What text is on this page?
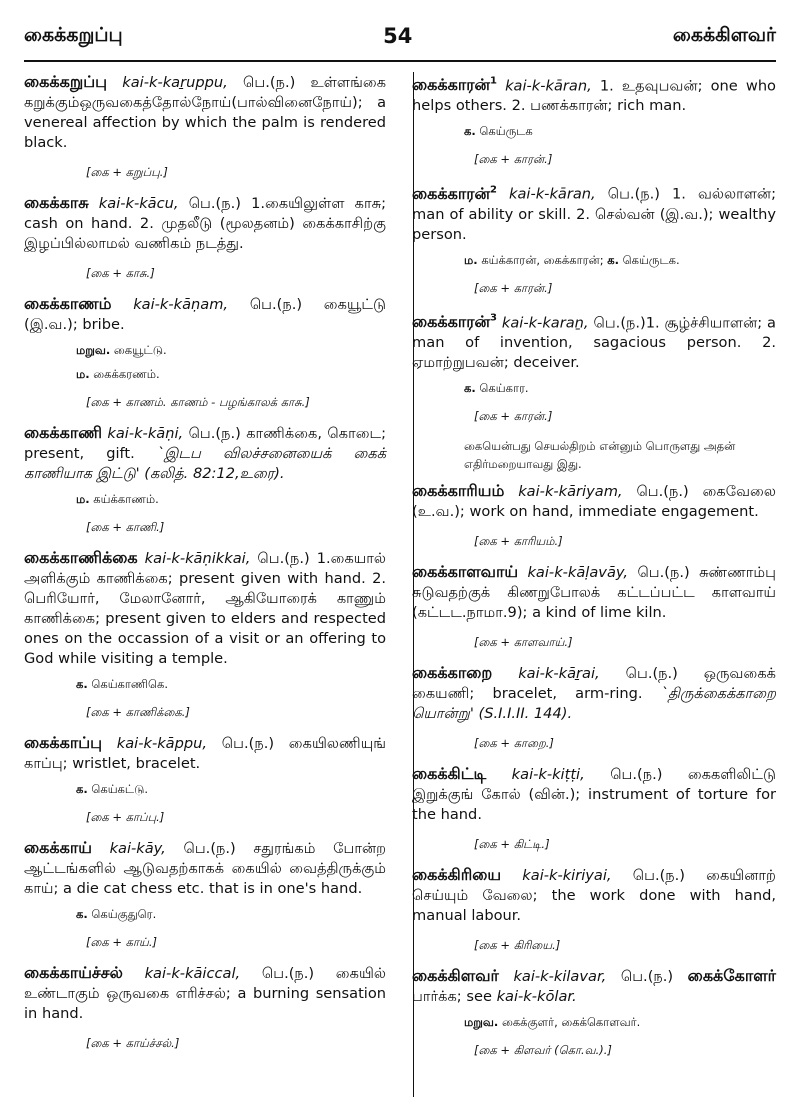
கைக்கறுப்பு	54	கைக்கிளவர்
கைக்கறுப்பு kai-k-kaṟuppu, பெ.(ந.) உள்ளங்கை கறுக்கும்ஒருவகைத்தோல்நோய்(பால்வினைநோய்); a venereal affection by which the palm is rendered black.
[கை + கறுப்பு.]
கைக்காசு kai-k-kācu, பெ.(ந.) 1.கையிலுள்ள காசு; cash on hand. 2. முதலீடு (மூலதனம்) கைக்காசிற்கு இழப்பில்லாமல் வணிகம் நடத்து.
[கை + காசு.]
கைக்காணம் kai-k-kāṇam, பெ.(ந.) கையூட்டு (இ.வ.); bribe.
மறுவ. கையூட்டு.
ம. கைக்கரணம்.
[கை + காணம். காணம் - பழங்காலக் காசு.]
கைக்காணி kai-k-kāṇi, பெ.(ந.) காணிக்கை, கொடை; present, gift. `இடப விலச்சனையைக் கைக் காணியாக இட்டு' (கலித். 82:12,உரை).
ம. கய்க்காணம்.
[கை + காணி.]
கைக்காணிக்கை kai-k-kāṇikkai, பெ.(ந.) 1.கையால் அளிக்கும் காணிக்கை; present given with hand. 2. பெரியோர், மேலானோர், ஆகியோரைக் காணும் காணிக்கை; present given to elders and respected ones on the occassion of a visit or an offering to God while visiting a temple.
க. கெய்காணிகெ.
[கை + காணிக்கை.]
கைக்காப்பு kai-k-kāppu, பெ.(ந.) கையிலணியுங் காப்பு; wristlet, bracelet.
க. கெய்கட்டு.
[கை + காப்பு.]
கைக்காய் kai-kāy, பெ.(ந.) சதுரங்கம் போன்ற ஆட்டங்களில் ஆடுவதற்காகக் கையில் வைத்திருக்கும் காய்; a die cat chess etc. that is in one's hand.
க. கெய்குதுரெ.
[கை + காய்.]
கைக்காய்ச்சல் kai-k-kāiccal, பெ.(ந.) கையில் உண்டாகும் ஒருவகை எரிச்சல்; a burning sensation in hand.
[கை + காய்ச்சல்.]
கைக்காரன்$^1$ kai-k-kāran, 1. உதவுபவன்; one who helps others. 2. பணக்காரன்; rich man.
க. கெய்ருடக
[கை + காரன்.]
கைக்காரன்$^2$ kai-k-kāran, பெ.(ந.) 1. வல்லாளன்; man of ability or skill. 2. செல்வன் (இ.வ.); wealthy person.
ம. கய்க்காரன், கைக்காரன்; க. கெய்ருடக.
[கை + காரன்.]
கைக்காரன்$^3$ kai-k-karaṉ, பெ.(ந.)1. சூழ்ச்சியாளன்; a man of invention, sagacious person. 2. ஏமாற்றுபவன்; deceiver.
க. கெய்கார.
[கை + காரன்.]
கையென்பது செயல்திறம் என்னும் பொருளது அதன் எதிர்மறையாவது இது.
கைக்காரியம் kai-k-kāriyam, பெ.(ந.) கைவேலை (உ.வ.); work on hand, immediate engagement.
[கை + காரியம்.]
கைக்காளவாய் kai-k-kāḷavāy, பெ.(ந.) சுண்ணாம்பு சுடுவதற்குக் கிணறுபோலக் கட்டப்பட்ட காளவாய் (கட்டட.நாமா.9); a kind of lime kiln.
[கை + காளவாய்.]
கைக்காறை kai-k-kāṟai, பெ.(ந.) ஒருவகைக் கையணி; bracelet, arm-ring. `திருக்கைக்காறை யொன்று' (S.I.I.II. 144).
[கை + காறை.]
கைக்கிட்டி kai-k-kiṭṭi, பெ.(ந.) கைகளிலிட்டு இறுக்குங் கோல் (வின்.); instrument of torture for the hand.
[கை + கிட்டி.]
கைக்கிரியை kai-k-kiriyai, பெ.(ந.) கையினாற் செய்யும் வேலை; the work done with hand, manual labour.
[கை + கிரியை.]
கைக்கிளவர் kai-k-kilavar, பெ.(ந.) கைக்கோளர் பார்க்க; see kai-k-kōlar.
மறுவ. கைக்குளர், கைக்கொளவர்.
[கை + கிளவர் (கொ.வ.).]
